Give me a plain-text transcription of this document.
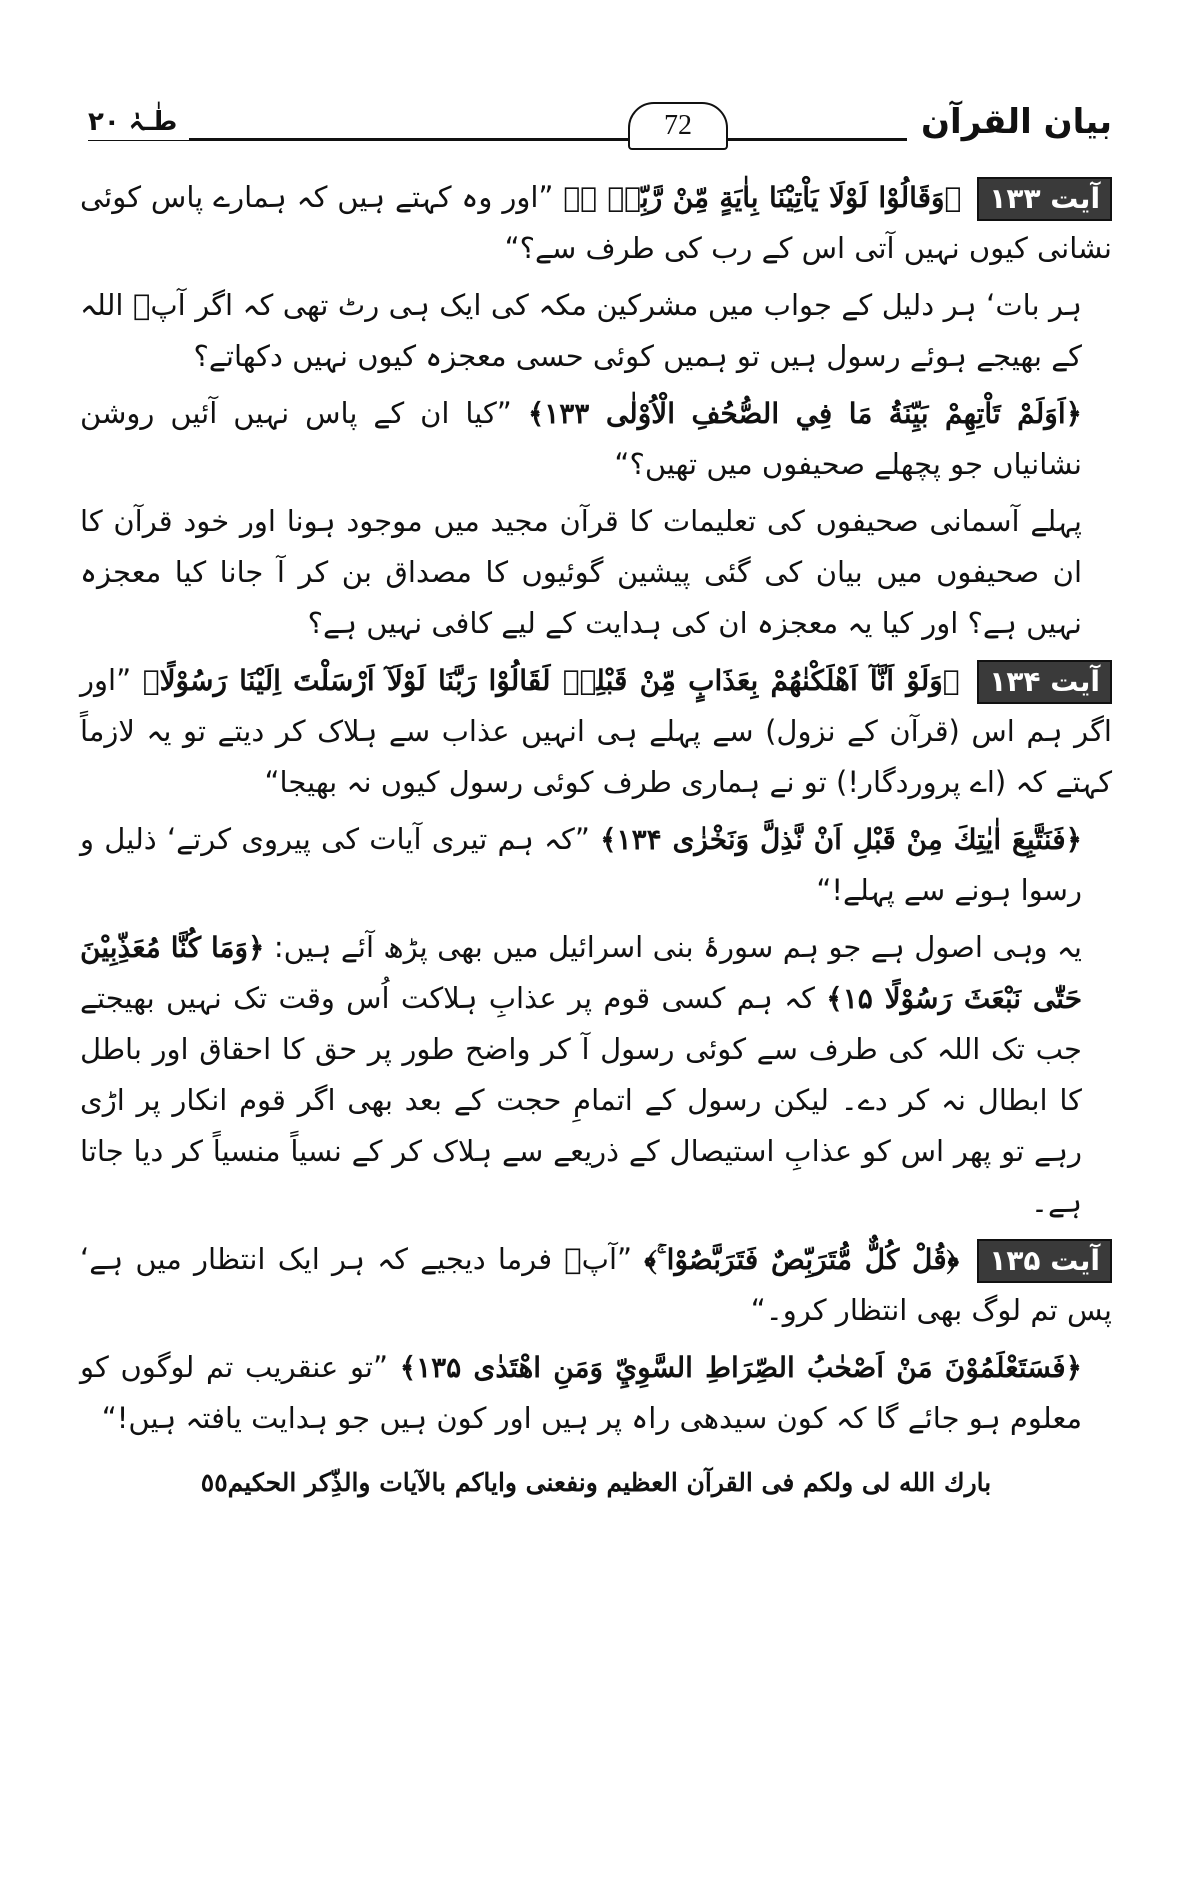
بیان القرآن
72
طٰـہٰ ۲۰

آیت ۱۳۳ ﴿وَقَالُوْا لَوْلَا يَاْتِيْنَا بِاٰيَةٍ مِّنْ رَّبِّهٖ ۭ﴾ ”اور وہ کہتے ہیں کہ ہمارے پاس کوئی نشانی کیوں نہیں آتی اس کے رب کی طرف سے؟“

ہر بات‘ ہر دلیل کے جواب میں مشرکین مکہ کی ایک ہی رٹ تھی کہ اگر آپؐ اللہ کے بھیجے ہوئے رسول ہیں تو ہمیں کوئی حسی معجزہ کیوں نہیں دکھاتے؟

﴿اَوَلَمْ تَاْتِهِمْ بَيِّنَةُ مَا فِي الصُّحُفِ الْاُوْلٰى ۱۳۳﴾ ”کیا ان کے پاس نہیں آئیں روشن نشانیاں جو پچھلے صحیفوں میں تھیں؟“

پہلے آسمانی صحیفوں کی تعلیمات کا قرآن مجید میں موجود ہونا اور خود قرآن کا ان صحیفوں میں بیان کی گئی پیشین گوئیوں کا مصداق بن کر آ جانا کیا معجزہ نہیں ہے؟ اور کیا یہ معجزہ ان کی ہدایت کے لیے کافی نہیں ہے؟

آیت ۱۳۴ ﴿وَلَوْ اَنَّآ اَهْلَكْنٰهُمْ بِعَذَابٍ مِّنْ قَبْلِهٖ لَقَالُوْا رَبَّنَا لَوْلَآ اَرْسَلْتَ اِلَيْنَا رَسُوْلًا﴾ ”اور اگر ہم اس (قرآن کے نزول) سے پہلے ہی انہیں عذاب سے ہلاک کر دیتے تو یہ لازماً کہتے کہ (اے پروردگار!) تو نے ہماری طرف کوئی رسول کیوں نہ بھیجا“

﴿فَنَتَّبِعَ اٰيٰتِكَ مِنْ قَبْلِ اَنْ نَّذِلَّ وَنَخْزٰى ۱۳۴﴾ ”کہ ہم تیری آیات کی پیروی کرتے‘ ذلیل و رسوا ہونے سے پہلے!“

یہ وہی اصول ہے جو ہم سورۂ بنی اسرائیل میں بھی پڑھ آئے ہیں: ﴿وَمَا كُنَّا مُعَذِّبِيْنَ حَتّٰى نَبْعَثَ رَسُوْلًا ۱۵﴾ کہ ہم کسی قوم پر عذابِ ہلاکت اُس وقت تک نہیں بھیجتے جب تک اللہ کی طرف سے کوئی رسول آ کر واضح طور پر حق کا احقاق اور باطل کا ابطال نہ کر دے۔ لیکن رسول کے اتمامِ حجت کے بعد بھی اگر قوم انکار پر اڑی رہے تو پھر اس کو عذابِ استیصال کے ذریعے سے ہلاک کر کے نسیاً منسیاً کر دیا جاتا ہے۔

آیت ۱۳۵ ﴿قُلْ كُلٌّ مُّتَرَبِّصٌ فَتَرَبَّصُوْا ۚ﴾ ”آپؐ فرما دیجیے کہ ہر ایک انتظار میں ہے‘ پس تم لوگ بھی انتظار کرو۔“

﴿فَسَتَعْلَمُوْنَ مَنْ اَصْحٰبُ الصِّرَاطِ السَّوِيِّ وَمَنِ اهْتَدٰى ۱۳۵﴾ ”تو عنقریب تم لوگوں کو معلوم ہو جائے گا کہ کون سیدھی راہ پر ہیں اور کون ہیں جو ہدایت یافتہ ہیں!“

بارك الله لى ولكم فى القرآن العظيم ونفعنى واياكم بالآيات والذِّكر الحكيم٥٥
